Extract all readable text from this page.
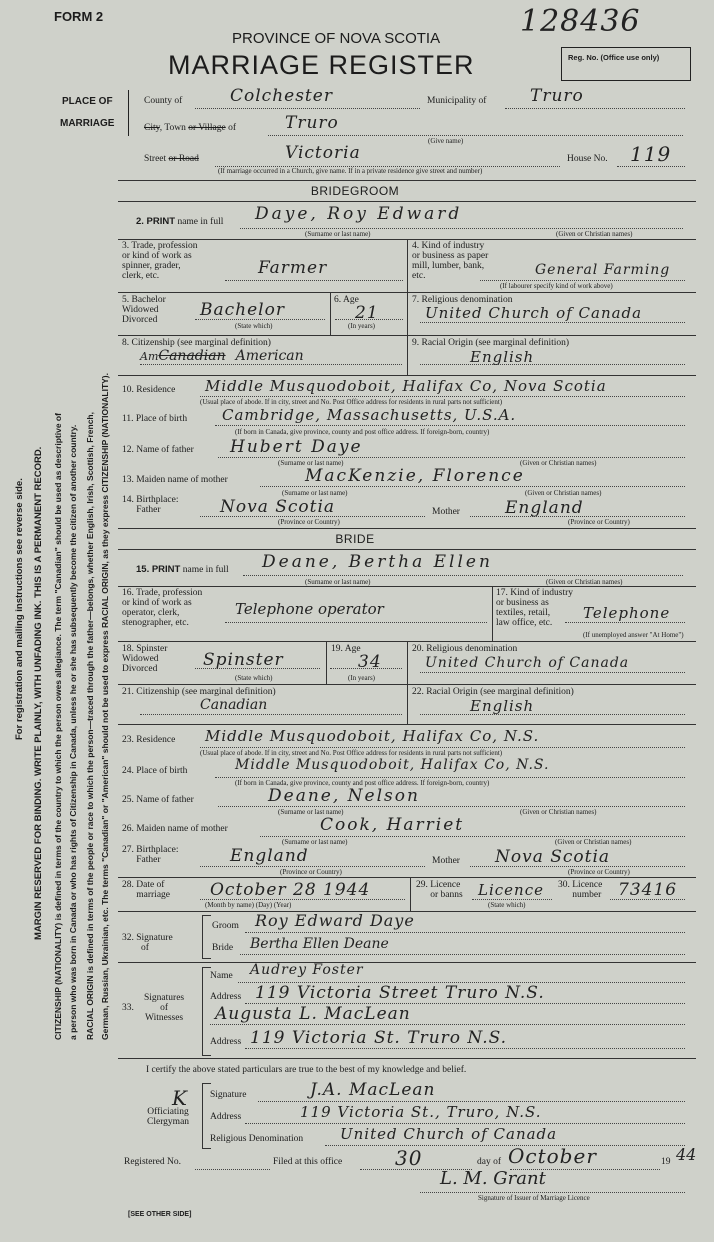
For registration and mailing instructions see reverse side. MARGIN RESERVED FOR BINDING. WRITE PLAINLY, WITH UNFADING INK. THIS IS A PERMANENT RECORD. CITIZENSHIP (NATIONALITY) is defined in terms of the country to which the person owes allegiance. The term "Canadian" should be used as descriptive of a person who was born in Canada or who has rights of Citizenship in Canada, unless he or she has subsequently become the citizen of another country. RACIAL ORIGIN is defined in terms of the people or race to which the person—traced through the father—belongs, whether English, Irish, Scottish, French, German, Russian, Ukrainian, etc. The terms "Canadian" or "American" should not be used to express RACIAL ORIGIN, as they express CITIZENSHIP (NATIONALITY).
FORM 2	128436
PROVINCE OF NOVA SCOTIA
MARRIAGE REGISTER	Reg. No. (Office use only)
PLACE OF
MARRIAGE
County of	Colchester	Municipality of	Truro
City, Town or Village of	Truro
(Give name)
Street or Road	Victoria	House No. 119
(If marriage occurred in a Church, give name. If in a private residence give street and number)
BRIDEGROOM
2. PRINT name in full Daye, Roy Edward
(Surname or last name)	(Given or Christian names)
3. Trade, profession
or kind of work as
spinner, grader,
clerk, etc.	Farmer
4. Kind of industry
or business as paper
mill, lumber, bank,
etc.	General Farming
(If labourer specify kind of work above)
5. Bachelor
Widowed
Divorced	Bachelor
(State which)
6. Age
21
(In years)
7. Religious denomination
United Church of Canada
8. Citizenship (see marginal definition)
AmCanadian American
9. Racial Origin (see marginal definition)
English
10. Residence Middle Musquodoboit, Halifax Co, Nova Scotia
(Usual place of abode. If in city, street and No. Post Office address for residents in rural parts not sufficient)
11. Place of birth Cambridge, Massachusetts, U.S.A.
(If born in Canada, give province, county and post office address. If foreign-born, country)
12. Name of father Hubert Daye
(Surname or last name)	(Given or Christian names)
13. Maiden name of mother	MacKenzie, Florence
(Surname or last name)	(Given or Christian names)
14. Birthplace:
Father	Nova Scotia
(Province or Country)
Mother	England
(Province or Country)
BRIDE
15. PRINT name in full Deane, Bertha Ellen
(Surname or last name)	(Given or Christian names)
16. Trade, profession
or kind of work as
operator, clerk,
stenographer, etc.
Telephone operator
17. Kind of industry
or business as
textiles, retail,
law office, etc.
Telephone
(If unemployed answer "At Home")
18. Spinster
Widowed
Divorced	Spinster
(State which)
19. Age
34
(In years)
20. Religious denomination
United Church of Canada
21. Citizenship (see marginal definition)
Canadian
22. Racial Origin (see marginal definition)
English
23. Residence Middle Musquodoboit, Halifax Co, N.S.
(Usual place of abode. If in city, street and No. Post Office address for residents in rural parts not sufficient)
24. Place of birth	Middle Musquodoboit, Halifax Co, N.S.
(If born in Canada, give province, county and post office address. If foreign-born, country)
25. Name of father	Deane, Nelson
(Surname or last name)	(Given or Christian names)
26. Maiden name of mother	Cook, Harriet
(Surname or last name)	(Given or Christian names)
27. Birthplace:
Father	England
(Province or Country)
Mother Nova Scotia
(Province or Country)
28. Date of
marriage October 28 1944
(Month by name) (Day) (Year)
29. Licence
or banns Licence
(State which)
30. Licence
number 73416
32. Signature
of
Groom Roy Edward Daye
Bride Bertha Ellen Deane
Signatures
of
Witnesses
33.
Name Audrey Foster
Address 119 Victoria Street Truro N.S.
Augusta L. MacLean
Address 119 Victoria St. Truro N.S.
I certify the above stated particulars are true to the best of my knowledge and belief.
K
Officiating
Clergyman
Signature	J.A. MacLean
Address	119 Victoria St., Truro, N.S.
Religious Denomination United Church of Canada
Registered No.	Filed at this office	30	day of October	19 44
L. M. Grant
Signature of Issuer of Marriage Licence
[SEE OTHER SIDE]
